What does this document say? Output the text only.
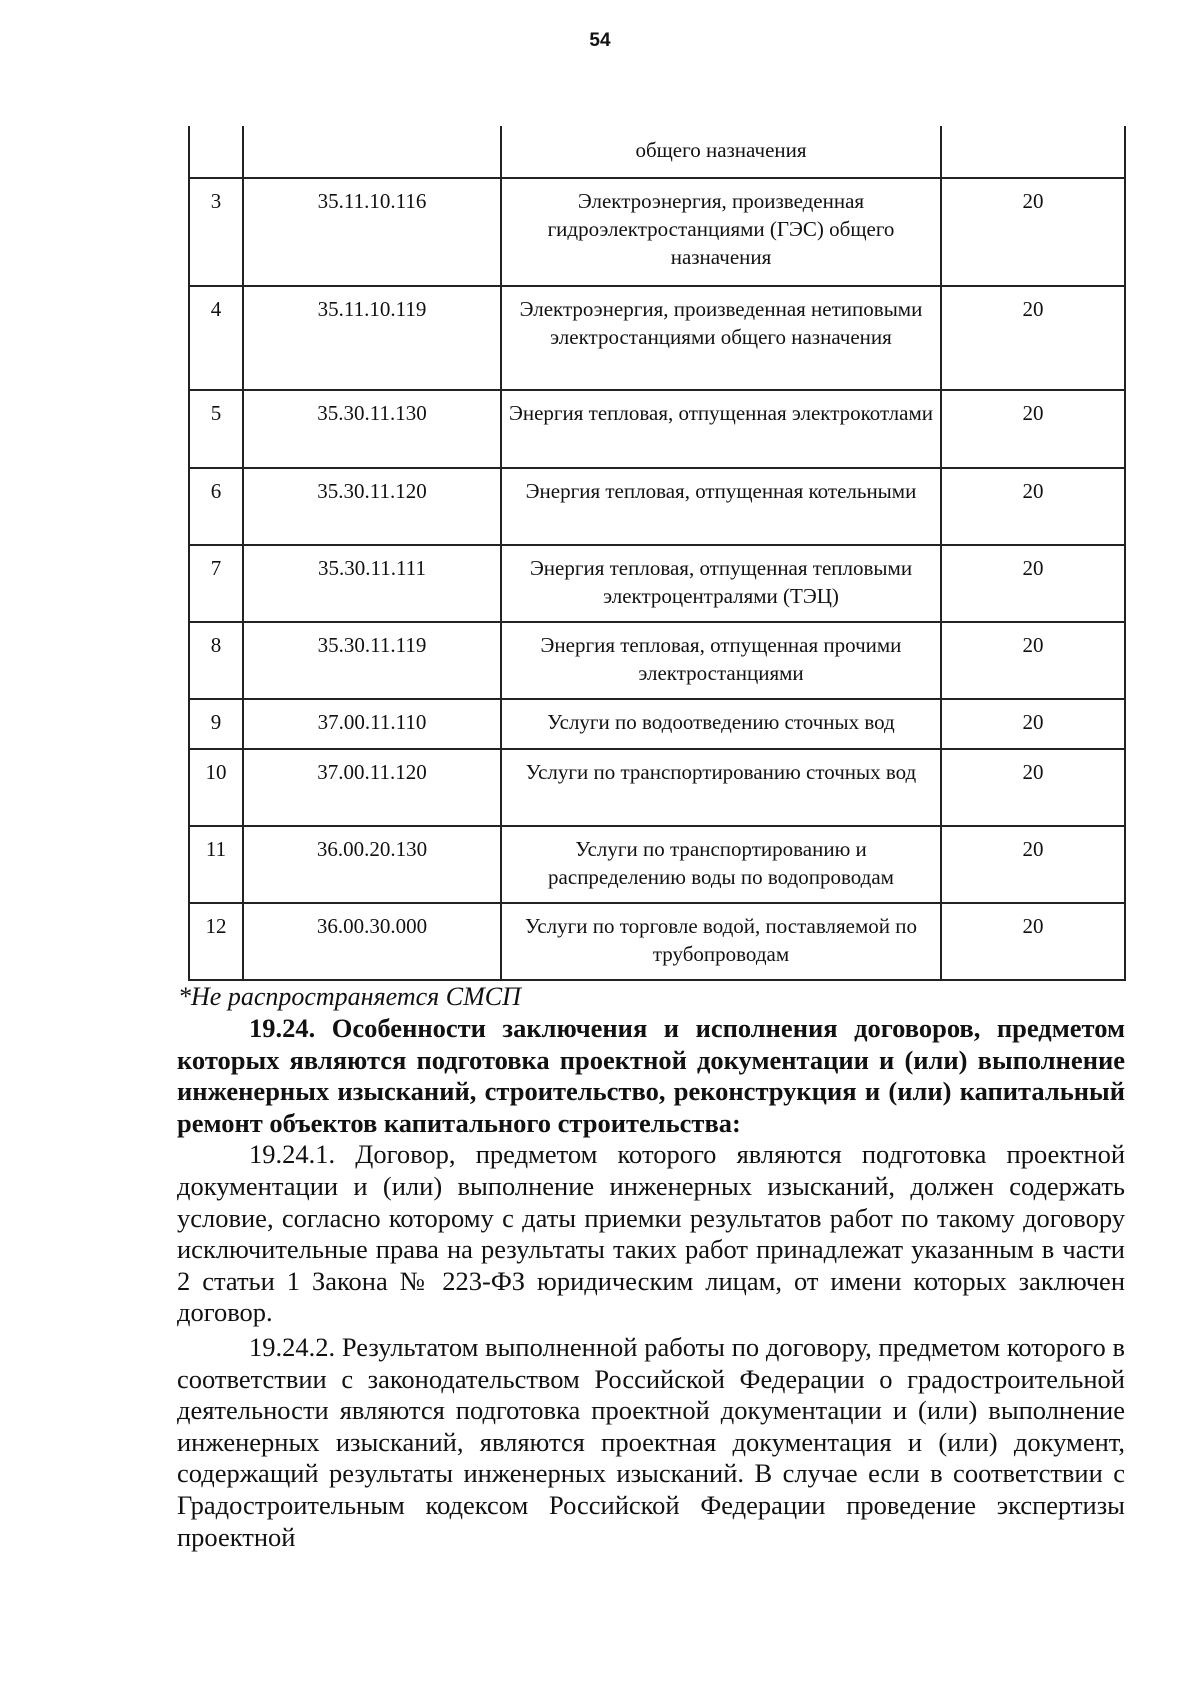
54
		общего назначения	
3	35.11.10.116	Электроэнергия, произведенная гидроэлектростанциями (ГЭС) общего назначения	20
4	35.11.10.119	Электроэнергия, произведенная нетиповыми электростанциями общего назначения	20
5	35.30.11.130	Энергия тепловая, отпущенная электрокотлами	20
6	35.30.11.120	Энергия тепловая, отпущенная котельными	20
7	35.30.11.111	Энергия тепловая, отпущенная тепловыми электроцентралями (ТЭЦ)	20
8	35.30.11.119	Энергия тепловая, отпущенная прочими электростанциями	20
9	37.00.11.110	Услуги по водоотведению сточных вод	20
10	37.00.11.120	Услуги по транспортированию сточных вод	20
11	36.00.20.130	Услуги по транспортированию и распределению воды по водопроводам	20
12	36.00.30.000	Услуги по торговле водой, поставляемой по трубопроводам	20
*Не распространяется СМСП

19.24. Особенности заключения и исполнения договоров, предметом которых являются подготовка проектной документации и (или) выполнение инженерных изысканий, строительство, реконструкция и (или) капитальный ремонт объектов капитального строительства:

19.24.1. Договор, предметом которого являются подготовка проектной документации и (или) выполнение инженерных изысканий, должен содержать условие, согласно которому с даты приемки результатов работ по такому договору исключительные права на результаты таких работ принадлежат указанным в части 2 статьи 1 Закона № 223-ФЗ юридическим лицам, от имени которых заключен договор.

19.24.2. Результатом выполненной работы по договору, предметом которого в соответствии с законодательством Российской Федерации о градостроительной деятельности являются подготовка проектной документации и (или) выполнение инженерных изысканий, являются проектная документация и (или) документ, содержащий результаты инженерных изысканий. В случае если в соответствии с Градостроительным кодексом Российской Федерации проведение экспертизы проектной
